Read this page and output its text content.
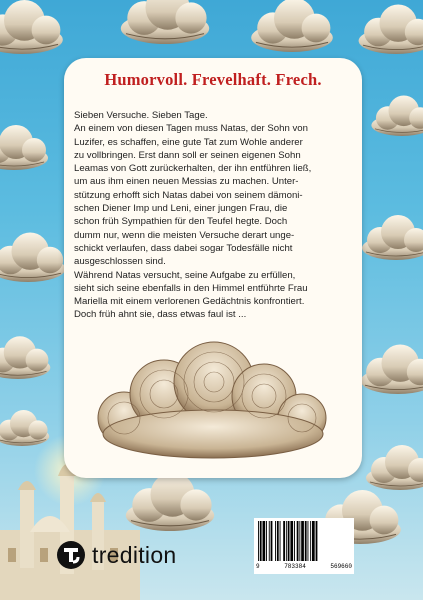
Humorvoll. Frevelhaft. Frech.

Sieben Versuche. Sieben Tage.

An einem von diesen Tagen muss Natas, der Sohn von

Luzifer, es schaffen, eine gute Tat zum Wohle anderer

zu vollbringen. Erst dann soll er seinen eigenen Sohn

Leamas von Gott zurückerhalten, der ihn entführen ließ,

um aus ihm einen neuen Messias zu machen. Unter-

stützung erhofft sich Natas dabei von seinem dämoni-

schen Diener Imp und Leni, einer jungen Frau, die

schon früh Sympathien für den Teufel hegte. Doch

dumm nur, wenn die meisten Versuche derart unge-

schickt verlaufen, dass dabei sogar Todesfälle nicht

ausgeschlossen sind.

Während Natas versucht, seine Aufgabe zu erfüllen,

sieht sich seine ebenfalls in den Himmel entführte Frau

Mariella mit einem verlorenen Gedächtnis konfrontiert.

Doch früh ahnt sie, dass etwas faul ist ...

tredition	9	783384	569660
